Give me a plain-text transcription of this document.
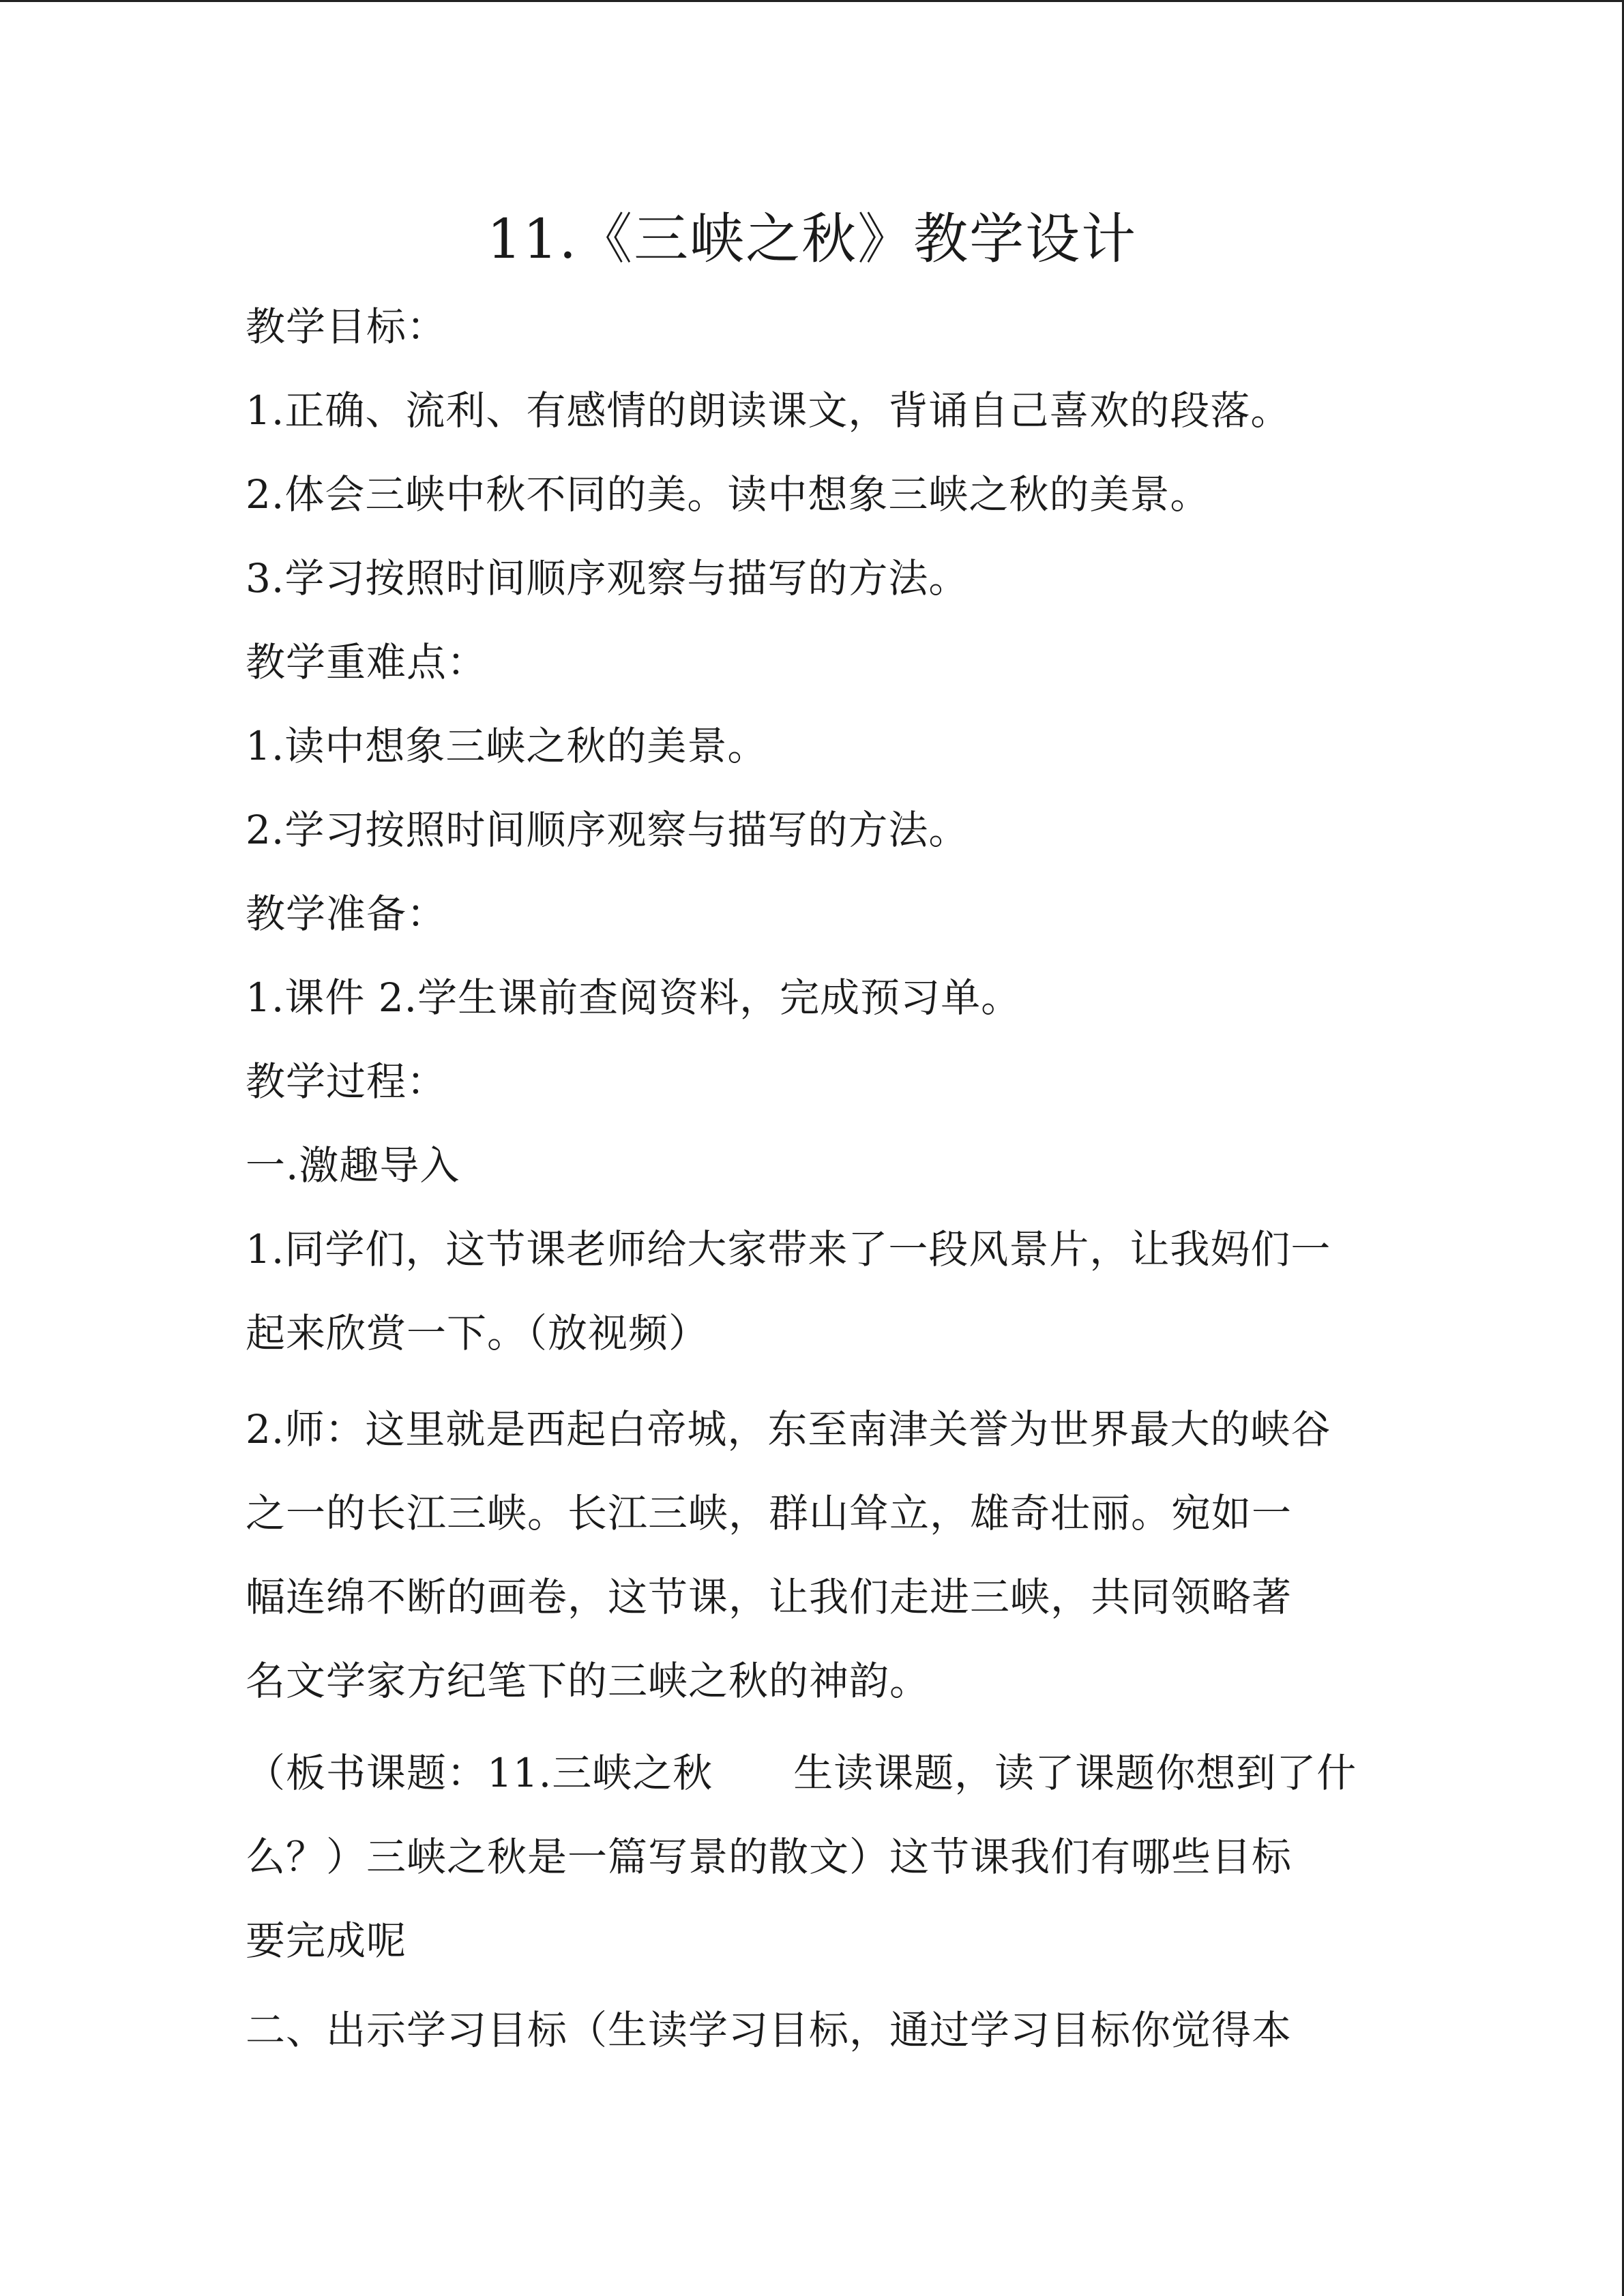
11.《三峡之秋》教学设计
教学目标：
1.正确、流利、有感情的朗读课文，背诵自己喜欢的段落。
2.体会三峡中秋不同的美。读中想象三峡之秋的美景。
3.学习按照时间顺序观察与描写的方法。
教学重难点：
1.读中想象三峡之秋的美景。
2.学习按照时间顺序观察与描写的方法。
教学准备：
1.课件 2.学生课前查阅资料，完成预习单。
教学过程：
一.激趣导入
1.同学们，这节课老师给大家带来了一段风景片，让我妈们一
起来欣赏一下。（放视频）
2.师：这里就是西起白帝城，东至南津关誉为世界最大的峡谷
之一的长江三峡。长江三峡，群山耸立，雄奇壮丽。宛如一
幅连绵不断的画卷，这节课，让我们走进三峡，共同领略著
名文学家方纪笔下的三峡之秋的神韵。
（板书课题：11.三峡之秋　　生读课题，读了课题你想到了什
么？）三峡之秋是一篇写景的散文）这节课我们有哪些目标
要完成呢
二、出示学习目标（生读学习目标，通过学习目标你觉得本
